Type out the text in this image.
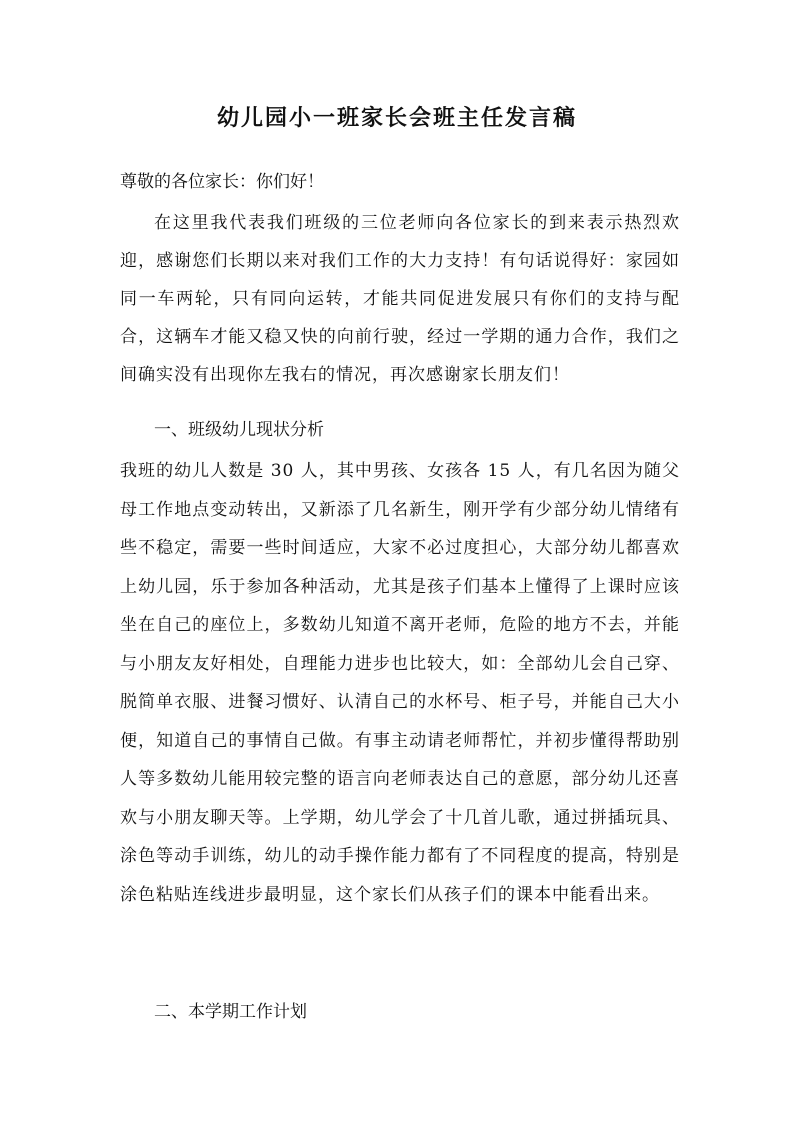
幼儿园小一班家长会班主任发言稿
尊敬的各位家长：你们好！
在这里我代表我们班级的三位老师向各位家长的到来表示热烈欢迎，感谢您们长期以来对我们工作的大力支持！有句话说得好：家园如同一车两轮，只有同向运转，才能共同促进发展只有你们的支持与配合，这辆车才能又稳又快的向前行驶，经过一学期的通力合作，我们之间确实没有出现你左我右的情况，再次感谢家长朋友们！
一、班级幼儿现状分析
我班的幼儿人数是 30 人，其中男孩、女孩各 15 人，有几名因为随父母工作地点变动转出，又新添了几名新生，刚开学有少部分幼儿情绪有些不稳定，需要一些时间适应，大家不必过度担心，大部分幼儿都喜欢上幼儿园，乐于参加各种活动，尤其是孩子们基本上懂得了上课时应该坐在自己的座位上，多数幼儿知道不离开老师，危险的地方不去，并能与小朋友友好相处，自理能力进步也比较大，如：全部幼儿会自己穿、脱简单衣服、进餐习惯好、认清自己的水杯号、柜子号，并能自己大小便，知道自己的事情自己做。有事主动请老师帮忙，并初步懂得帮助别人等多数幼儿能用较完整的语言向老师表达自己的意愿，部分幼儿还喜欢与小朋友聊天等。上学期，幼儿学会了十几首儿歌，通过拼插玩具、涂色等动手训练，幼儿的动手操作能力都有了不同程度的提高，特别是涂色粘贴连线进步最明显，这个家长们从孩子们的课本中能看出来。
二、本学期工作计划
